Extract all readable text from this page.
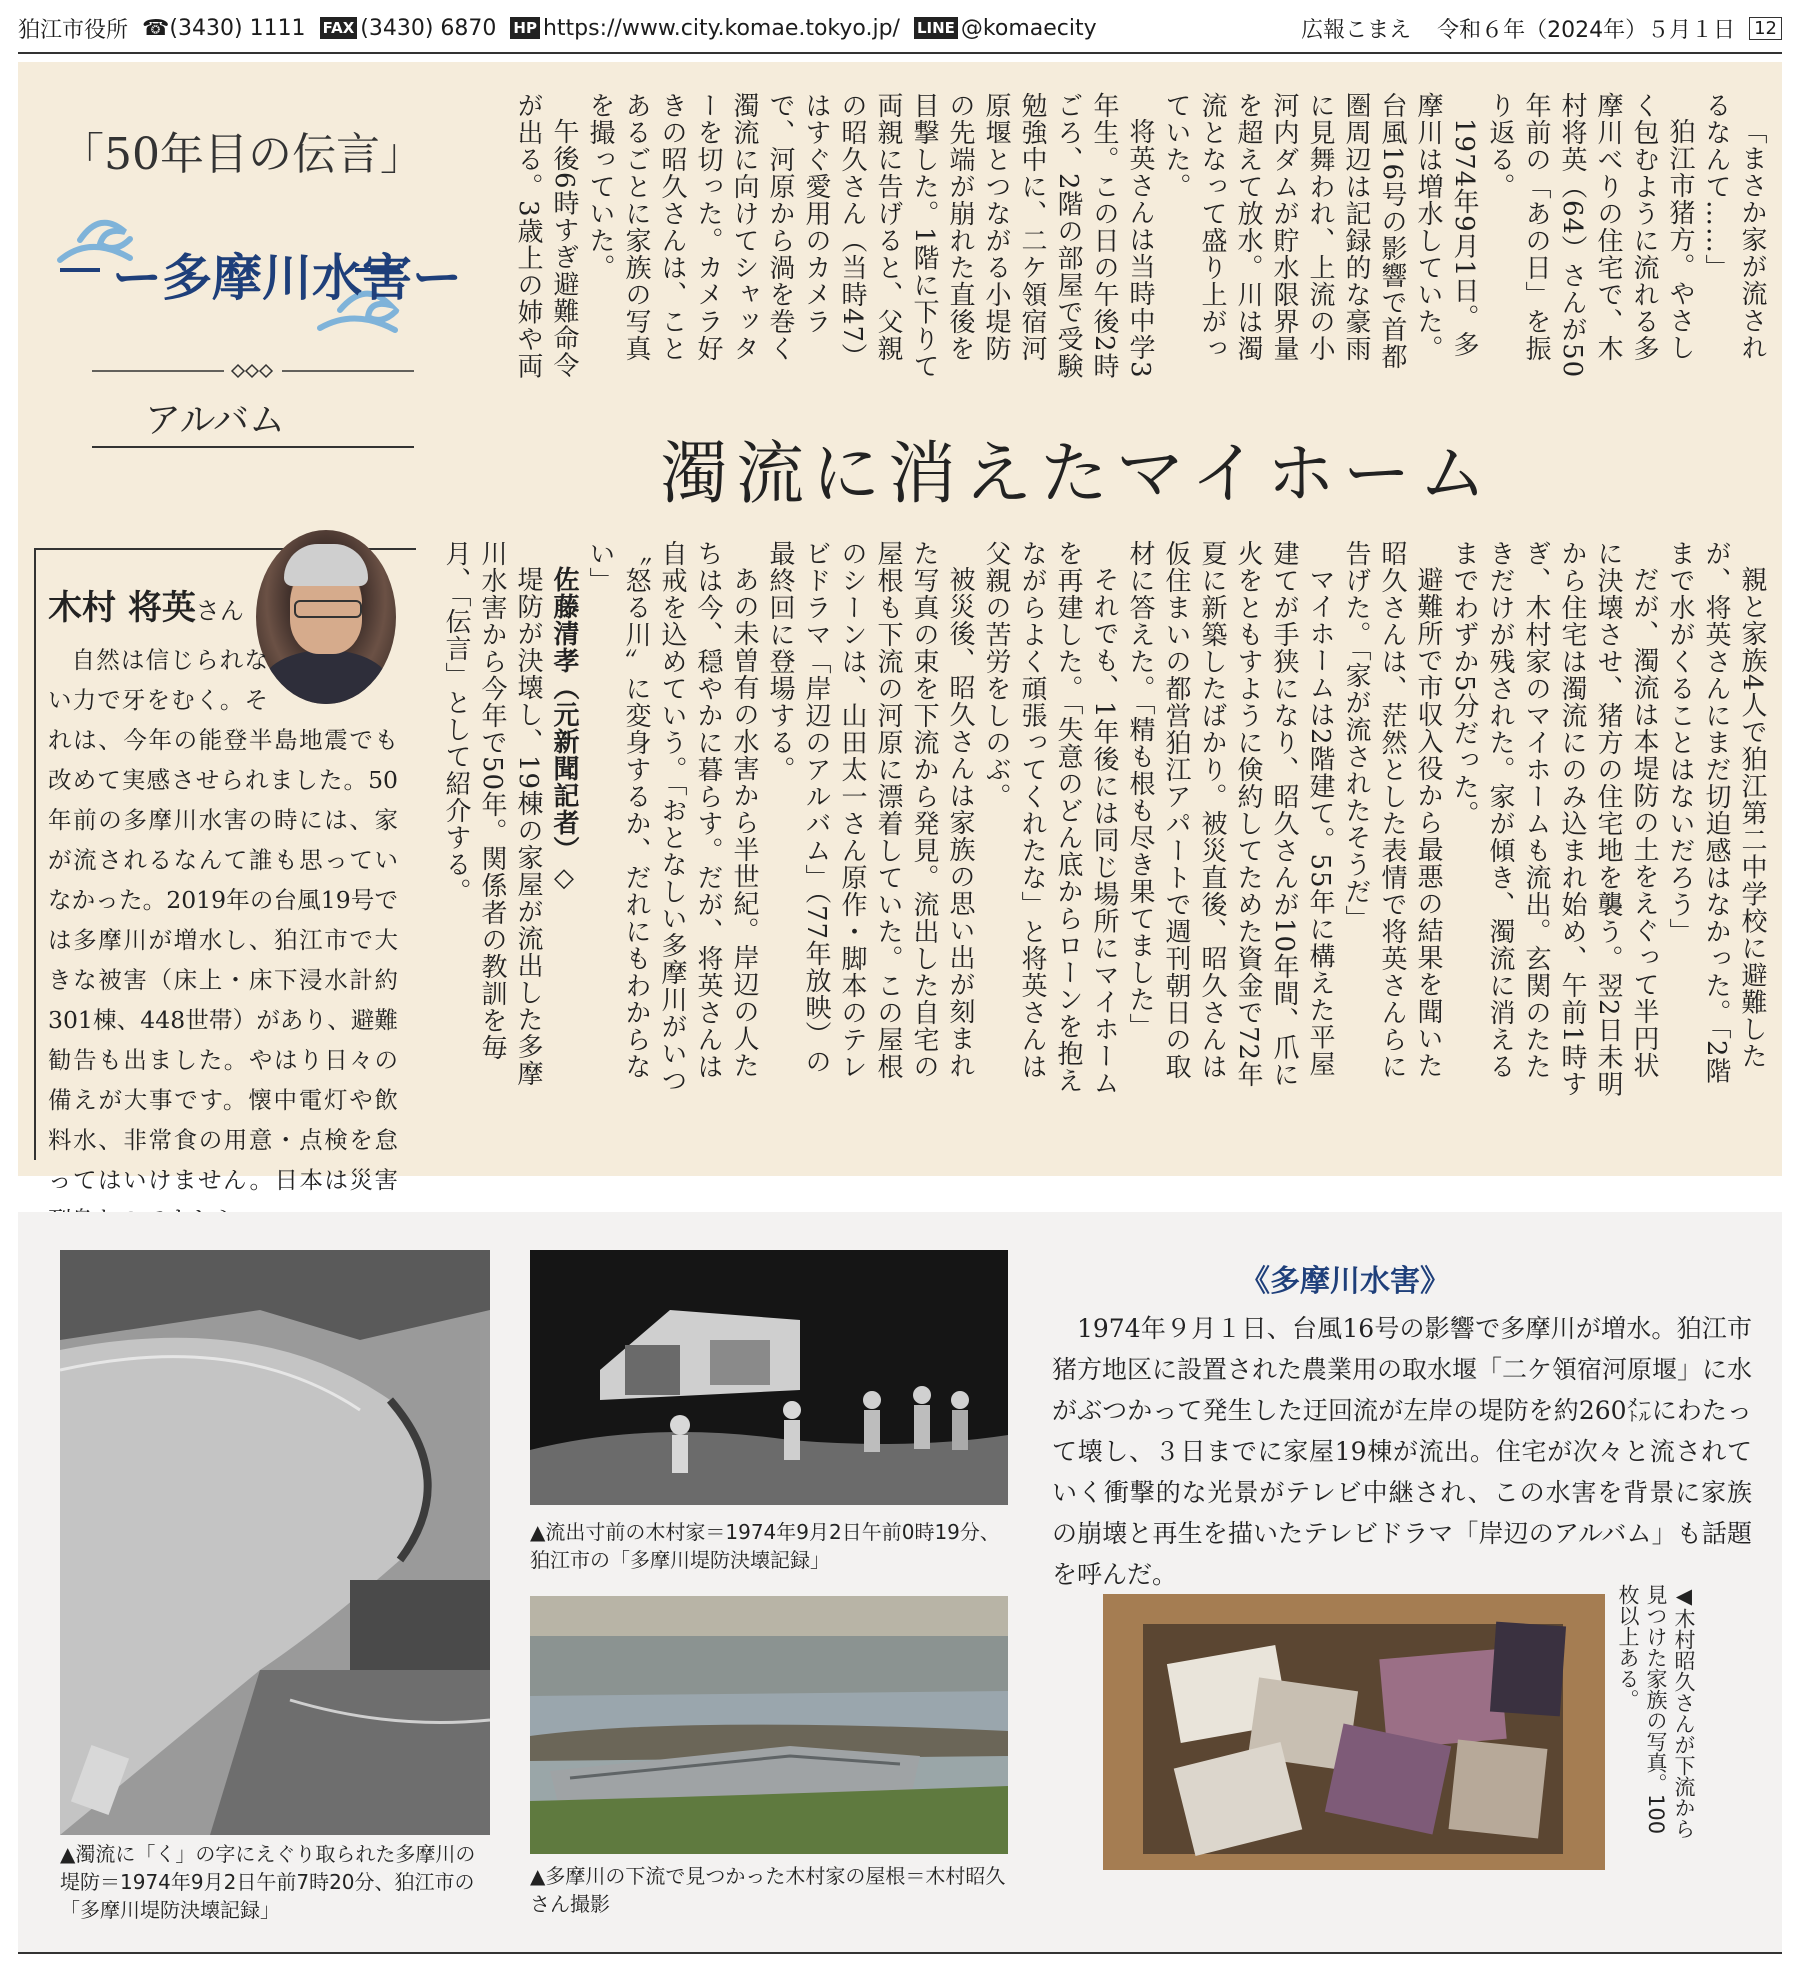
狛江市役所 ☎ (3430) 1111 FAX (3430) 6870 HP https://www.city.komae.tokyo.jp/ LINE @komaecity	広報こまえ 令和６年（2024年）５月１日 12
「50年目の伝言」
ー多摩川水害ー
アルバム
濁流に消えたマイホーム
木村 将英さん

自然は信じられない力で牙をむく。それは、今年の能登半島地震でも改めて実感させられました。50年前の多摩川水害の時には、家が流されるなんて誰も思っていなかった。2019年の台風19号では多摩川が増水し、狛江市で大きな被害（床上・床下浸水計約301棟、448世帯）があり、避難勧告も出ました。やはり日々の備えが大事です。懐中電灯や飲料水、非常食の用意・点検を怠ってはいけません。日本は災害

「まさか家が流されるなんて……」

狛江市猪方。やさしく包むように流れる多摩川べりの住宅で、木村将英（64）さんが50年前の「あの日」を振り返る。

1974年9月1日。多摩川は増水していた。台風16号の影響で首都圏周辺は記録的な豪雨に見舞われ、上流の小河内ダムが貯水限界量を超えて放水。川は濁流となって盛り上がっていた。

将英さんは当時中学3年生。この日の午後2時ごろ、2階の部屋で受験勉強中に、二ケ領宿河原堰とつながる小堤防の先端が崩れた直後を目撃した。1階に下りて両親に告げると、父親の昭久さん（当時47）はすぐ愛用のカメラで、河原から渦を巻く濁流に向けてシャッターを切った。カメラ好きの昭久さんは、ことあるごとに家族の写真を撮っていた。

午後6時すぎ避難命令が出る。3歳上の姉や両

親と家族4人で狛江第二中学校に避難したが、将英さんにまだ切迫感はなかった。「2階まで水がくることはないだろう」

だが、濁流は本堤防の土をえぐって半円状に決壊させ、猪方の住宅地を襲う。翌2日未明から住宅は濁流にのみ込まれ始め、午前1時すぎ、木村家のマイホームも流出。玄関のたたきだけが残された。家が傾き、濁流に消えるまでわずか5分だった。

避難所で市収入役から最悪の結果を聞いた昭久さんは、茫然とした表情で将英さんらに告げた。「家が流されたそうだ」

マイホームは2階建て。55年に構えた平屋建てが手狭になり、昭久さんが10年間、爪に火をともすように倹約してためた資金で72年夏に新築したばかり。被災直後、昭久さんは仮住まいの都営狛江アパートで週刊朝日の取材に答えた。「精も根も尽き果てました」

それでも、1年後には同じ場所にマイホームを再建した。「失意のどん底からローンを抱えながらよく頑張ってくれたな」と将英さんは父親の苦労をしのぶ。

被災後、昭久さんは家族の思い出が刻まれた写真の束を下流から発見。流出した自宅の屋根も下流の河原に漂着していた。この屋根のシーンは、山田太一さん原作・脚本のテレビドラマ「岸辺のアルバム」（77年放映）の最終回に登場する。

あの未曽有の水害から半世紀。岸辺の人たちは今、穏やかに暮らす。だが、将英さんは自戒を込めていう。「おとなしい多摩川がいつ〝怒る川〟に変身するか、だれにもわからない」

佐藤清孝（元新聞記者）◇

堤防が決壊し、19棟の家屋が流出した多摩川水害から今年で50年。関係者の教訓を毎月、「伝言」として紹介する。

▲濁流に「く」の字にえぐり取られた多摩川の堤防＝1974年9月2日午前7時20分、狛江市の「多摩川堤防決壊記録」
▲流出寸前の木村家＝1974年9月2日午前0時19分、狛江市の「多摩川堤防決壊記録」
▲多摩川の下流で見つかった木村家の屋根＝木村昭久さん撮影
《多摩川水害》

1974年９月１日、台風16号の影響で多摩川が増水。狛江市猪方地区に設置された農業用の取水堰「二ケ領宿河原堰」に水がぶつかって発生した迂回流が左岸の堤防を約260㍍にわたって壊し、３日までに家屋19棟が流出。住宅が次々と流されていく衝撃的な光景がテレビ中継され、この水害を背景に家族の崩壊と再生を描いたテレビドラマ「岸辺のアルバム」も話題を呼んだ。

◀木村昭久さんが下流から見つけた家族の写真。100枚以上ある。
